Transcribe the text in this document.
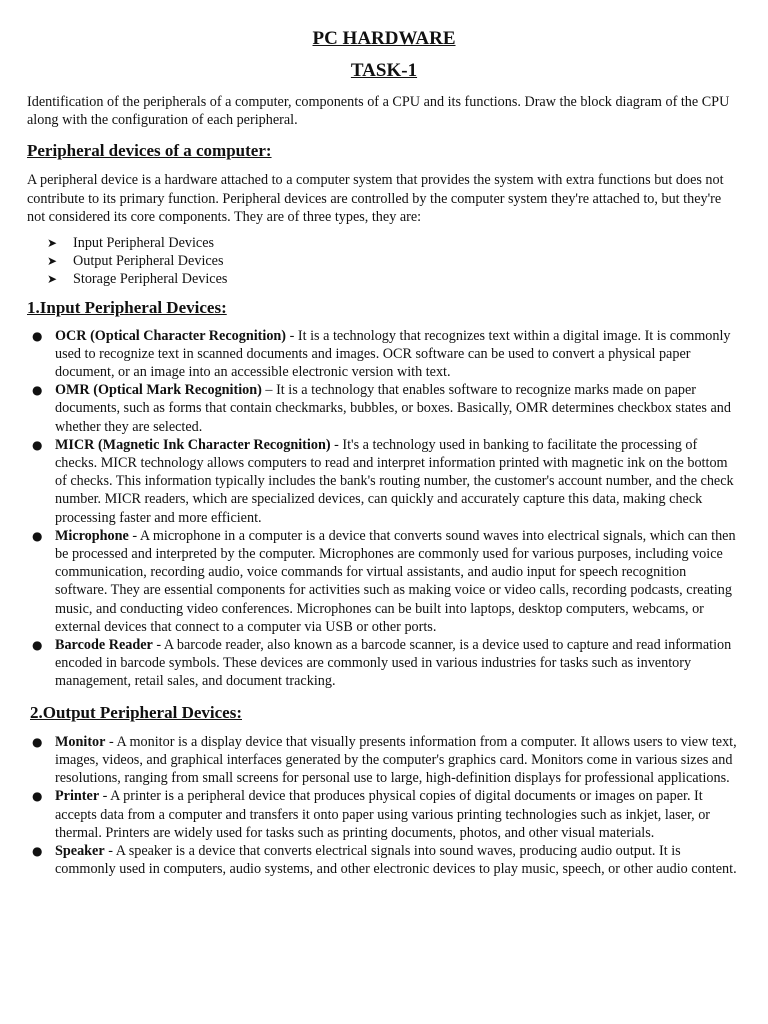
PC HARDWARE
TASK-1

Identification of the peripherals of a computer, components of a CPU and its functions. Draw the block diagram of the CPU along with the configuration of each peripheral.

Peripheral devices of a computer:

A peripheral device is a hardware attached to a computer system that provides the system with extra functions but does not contribute to its primary function. Peripheral devices are controlled by the computer system they're attached to, but they're not considered its core components. They are of three types, they are:

➤ Input Peripheral Devices
➤ Output Peripheral Devices
➤ Storage Peripheral Devices
1.Input Peripheral Devices:
● OCR (Optical Character Recognition) - It is a technology that recognizes text within a digital image. It is commonly used to recognize text in scanned documents and images. OCR software can be used to convert a physical paper document, or an image into an accessible electronic version with text.
● OMR (Optical Mark Recognition) – It is a technology that enables software to recognize marks made on paper documents, such as forms that contain checkmarks, bubbles, or boxes. Basically, OMR determines checkbox states and whether they are selected.
● MICR (Magnetic Ink Character Recognition) - It's a technology used in banking to facilitate the processing of checks. MICR technology allows computers to read and interpret information printed with magnetic ink on the bottom of checks. This information typically includes the bank's routing number, the customer's account number, and the check number. MICR readers, which are specialized devices, can quickly and accurately capture this data, making check processing faster and more efficient.
● Microphone - A microphone in a computer is a device that converts sound waves into electrical signals, which can then be processed and interpreted by the computer. Microphones are commonly used for various purposes, including voice communication, recording audio, voice commands for virtual assistants, and audio input for speech recognition software. They are essential components for activities such as making voice or video calls, recording podcasts, creating music, and conducting video conferences. Microphones can be built into laptops, desktop computers, webcams, or external devices that connect to a computer via USB or other ports.
● Barcode Reader - A barcode reader, also known as a barcode scanner, is a device used to capture and read information encoded in barcode symbols. These devices are commonly used in various industries for tasks such as inventory management, retail sales, and document tracking.
2.Output Peripheral Devices:
● Monitor - A monitor is a display device that visually presents information from a computer. It allows users to view text, images, videos, and graphical interfaces generated by the computer's graphics card. Monitors come in various sizes and resolutions, ranging from small screens for personal use to large, high-definition displays for professional applications.
● Printer - A printer is a peripheral device that produces physical copies of digital documents or images on paper. It accepts data from a computer and transfers it onto paper using various printing technologies such as inkjet, laser, or thermal. Printers are widely used for tasks such as printing documents, photos, and other visual materials.
● Speaker - A speaker is a device that converts electrical signals into sound waves, producing audio output. It is commonly used in computers, audio systems, and other electronic devices to play music, speech, or other audio content.
